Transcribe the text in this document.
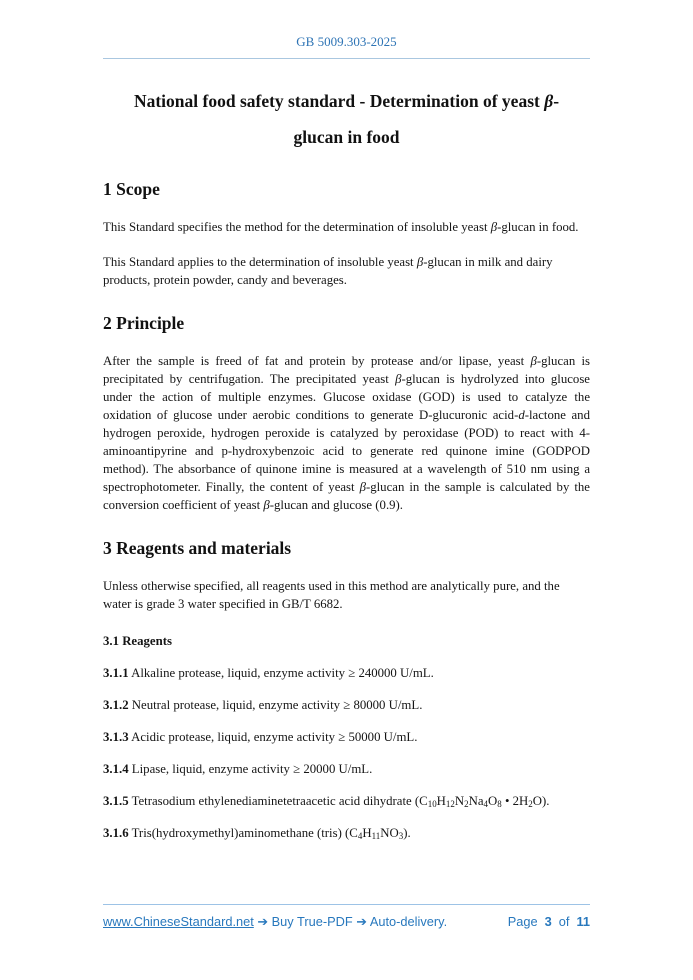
GB 5009.303-2025
National food safety standard - Determination of yeast β-
glucan in food
1 Scope

This Standard specifies the method for the determination of insoluble yeast β-glucan in food.

This Standard applies to the determination of insoluble yeast β-glucan in milk and dairy products, protein powder, candy and beverages.

2 Principle

After the sample is freed of fat and protein by protease and/or lipase, yeast β-glucan is precipitated by centrifugation. The precipitated yeast β-glucan is hydrolyzed into glucose under the action of multiple enzymes. Glucose oxidase (GOD) is used to catalyze the oxidation of glucose under aerobic conditions to generate D-glucuronic acid-d-lactone and hydrogen peroxide, hydrogen peroxide is catalyzed by peroxidase (POD) to react with 4-aminoantipyrine and p-hydroxybenzoic acid to generate red quinone imine (GODPOD method). The absorbance of quinone imine is measured at a wavelength of 510 nm using a spectrophotometer. Finally, the content of yeast β-glucan in the sample is calculated by the conversion coefficient of yeast β-glucan and glucose (0.9).

3 Reagents and materials

Unless otherwise specified, all reagents used in this method are analytically pure, and the water is grade 3 water specified in GB/T 6682.

3.1 Reagents

3.1.1 Alkaline protease, liquid, enzyme activity ≥ 240000 U/mL.

3.1.2 Neutral protease, liquid, enzyme activity ≥ 80000 U/mL.

3.1.3 Acidic protease, liquid, enzyme activity ≥ 50000 U/mL.

3.1.4 Lipase, liquid, enzyme activity ≥ 20000 U/mL.

3.1.5 Tetrasodium ethylenediaminetetraacetic acid dihydrate ($C_{10}H_{12}N_2Na_4O_8$ • $2H_2O$).

3.1.6 Tris(hydroxymethyl)aminomethane (tris) $(C_4H_{11}NO_3)$.

www.ChineseStandard.net ➔ Buy True-PDF ➔ Auto-delivery.	Page 3 of 11
